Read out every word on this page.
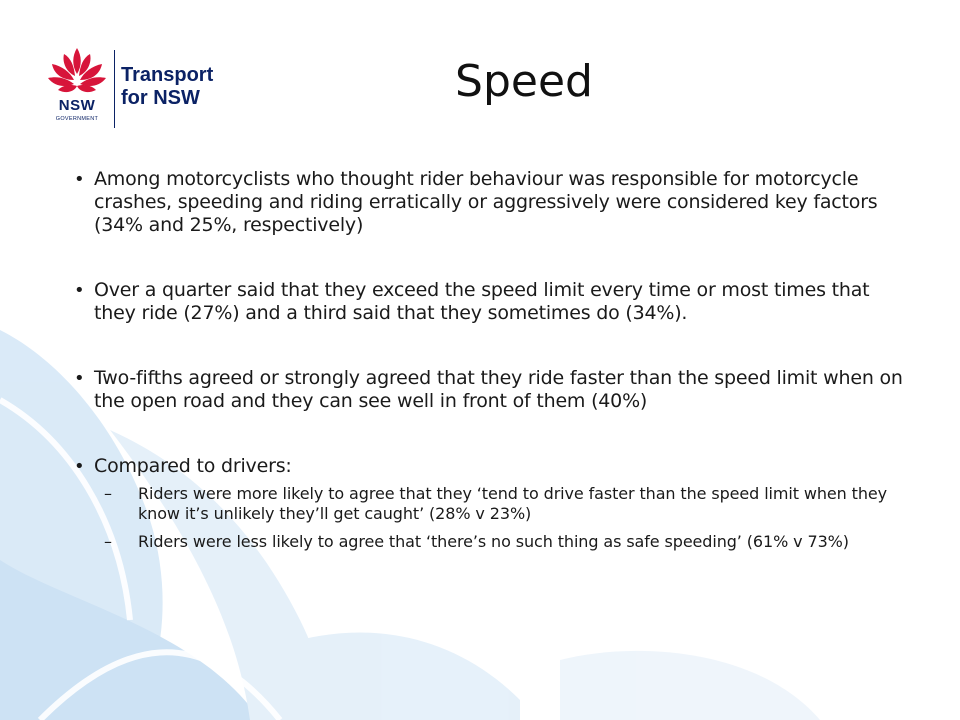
NSW
GOVERNMENT
Transport
for NSW	Speed
• Among motorcyclists who thought rider behaviour was responsible for motorcycle crashes, speeding and riding erratically or aggressively were considered key factors (34% and 25%, respectively)
• Over a quarter said that they exceed the speed limit every time or most times that they ride (27%) and a third said that they sometimes do (34%).
• Two-fifths agreed or strongly agreed that they ride faster than the speed limit when on the open road and they can see well in front of them (40%)
• Compared to drivers:
– Riders were more likely to agree that they ‘tend to drive faster than the speed limit when they know it’s unlikely they’ll get caught’ (28% v 23%)
– Riders were less likely to agree that ‘there’s no such thing as safe speeding’ (61% v 73%)
